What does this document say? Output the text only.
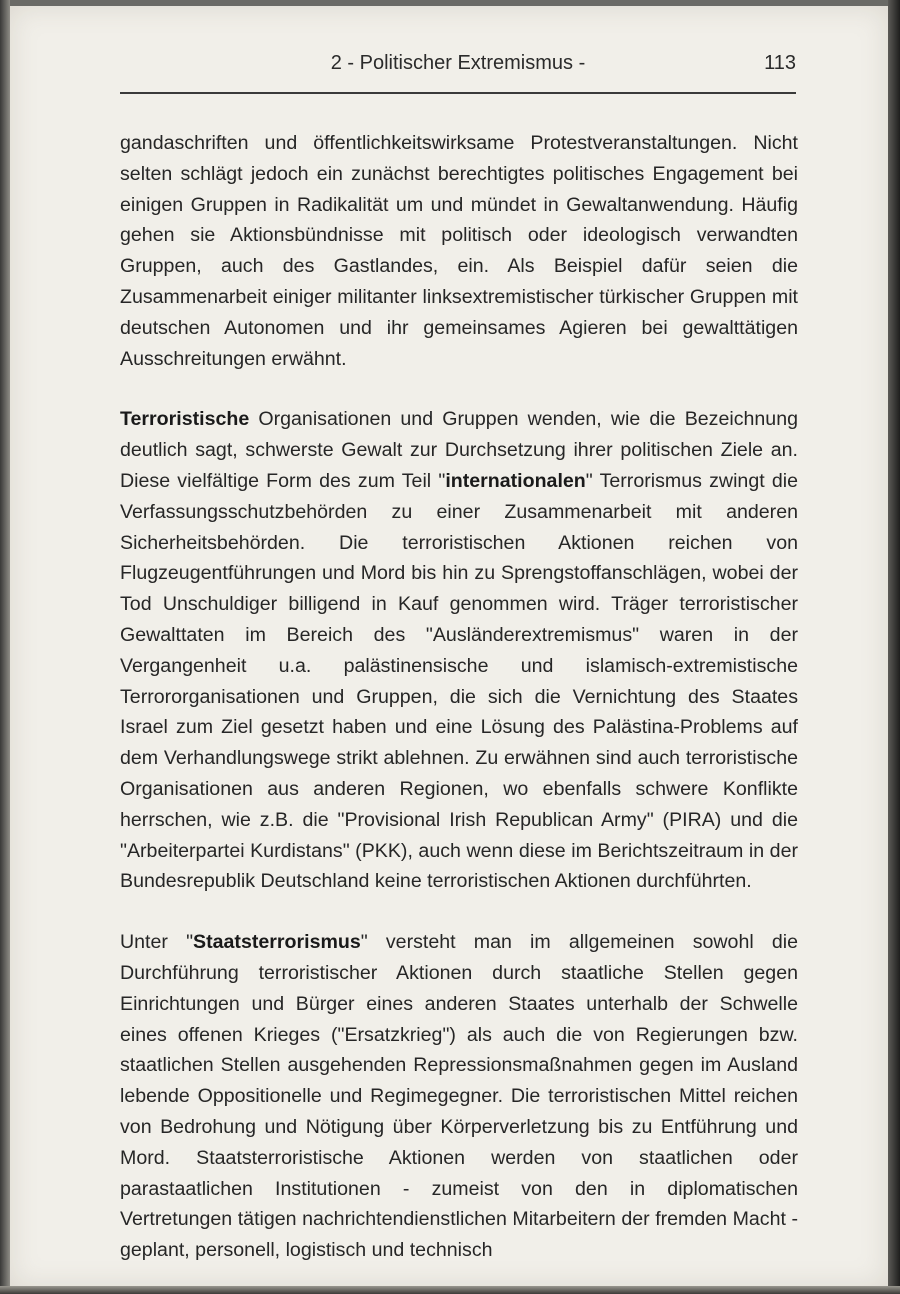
2 - Politischer Extremismus -	113

gandaschriften und öffentlichkeitswirksame Protestveranstaltungen. Nicht selten schlägt jedoch ein zunächst berechtigtes politisches Engagement bei einigen Gruppen in Radikalität um und mündet in Gewaltanwendung. Häufig gehen sie Aktionsbündnisse mit politisch oder ideologisch verwandten Gruppen, auch des Gastlandes, ein. Als Beispiel dafür seien die Zusammenarbeit einiger militanter linksextremistischer türkischer Gruppen mit deutschen Autonomen und ihr gemeinsames Agieren bei gewalttätigen Ausschreitungen erwähnt.

Terroristische Organisationen und Gruppen wenden, wie die Bezeichnung deutlich sagt, schwerste Gewalt zur Durchsetzung ihrer politischen Ziele an. Diese vielfältige Form des zum Teil "internationalen" Terrorismus zwingt die Verfassungsschutzbehörden zu einer Zusammenarbeit mit anderen Sicherheitsbehörden. Die terroristischen Aktionen reichen von Flugzeugentführungen und Mord bis hin zu Sprengstoffanschlägen, wobei der Tod Unschuldiger billigend in Kauf genommen wird. Träger terroristischer Gewalttaten im Bereich des "Ausländerextremismus" waren in der Vergangenheit u.a. palästinensische und islamisch-extremistische Terrororganisationen und Gruppen, die sich die Vernichtung des Staates Israel zum Ziel gesetzt haben und eine Lösung des Palästina-Problems auf dem Verhandlungswege strikt ablehnen. Zu erwähnen sind auch terroristische Organisationen aus anderen Regionen, wo ebenfalls schwere Konflikte herrschen, wie z.B. die "Provisional Irish Republican Army" (PIRA) und die "Arbeiterpartei Kurdistans" (PKK), auch wenn diese im Berichtszeitraum in der Bundesrepublik Deutschland keine terroristischen Aktionen durchführten.

Unter "Staatsterrorismus" versteht man im allgemeinen sowohl die Durchführung terroristischer Aktionen durch staatliche Stellen gegen Einrichtungen und Bürger eines anderen Staates unterhalb der Schwelle eines offenen Krieges ("Ersatzkrieg") als auch die von Regierungen bzw. staatlichen Stellen ausgehenden Repressionsmaßnahmen gegen im Ausland lebende Oppositionelle und Regimegegner. Die terroristischen Mittel reichen von Bedrohung und Nötigung über Körperverletzung bis zu Entführung und Mord. Staatsterroristische Aktionen werden von staatlichen oder parastaatlichen Institutionen - zumeist von den in diplomatischen Vertretungen tätigen nachrichtendienstlichen Mitarbeitern der fremden Macht - geplant, personell, logistisch und technisch
